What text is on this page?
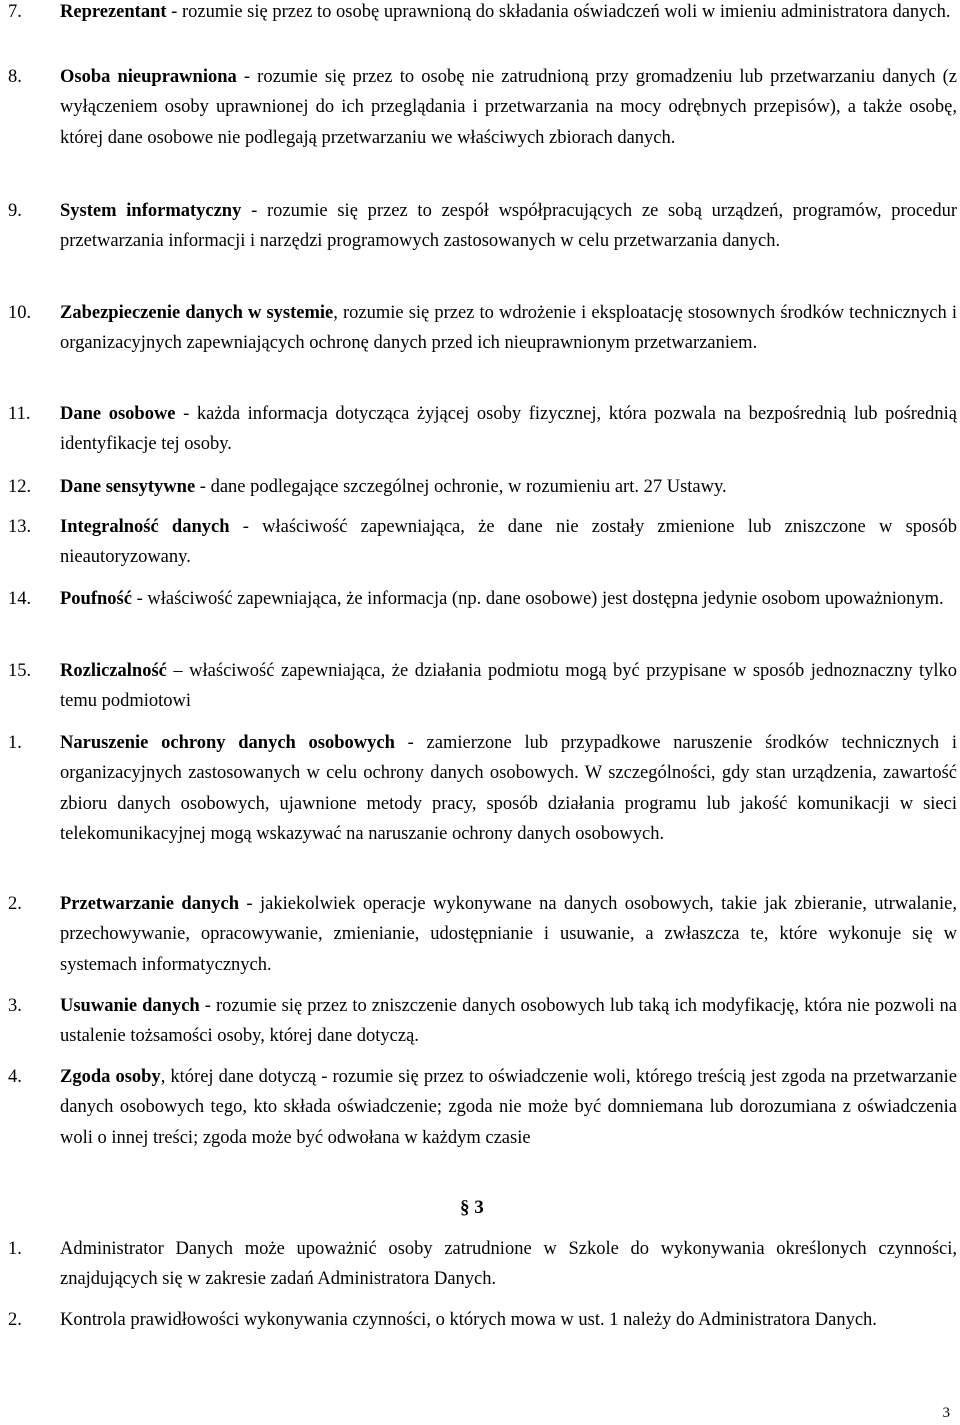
7. Reprezentant - rozumie się przez to osobę uprawnioną do składania oświadczeń woli w imieniu administratora danych.
8. Osoba nieuprawniona - rozumie się przez to osobę nie zatrudnioną przy gromadzeniu lub przetwarzaniu danych (z wyłączeniem osoby uprawnionej do ich przeglądania i przetwarzania na mocy odrębnych przepisów), a także osobę, której dane osobowe nie podlegają przetwarzaniu we właściwych zbiorach danych.
9. System informatyczny - rozumie się przez to zespół współpracujących ze sobą urządzeń, programów, procedur przetwarzania informacji i narzędzi programowych zastosowanych w celu przetwarzania danych.
10. Zabezpieczenie danych w systemie, rozumie się przez to wdrożenie i eksploatację stosownych środków technicznych i organizacyjnych zapewniających ochronę danych przed ich nieuprawnionym przetwarzaniem.
11. Dane osobowe - każda informacja dotycząca żyjącej osoby fizycznej, która pozwala na bezpośrednią lub pośrednią identyfikacje tej osoby.
12. Dane sensytywne - dane podlegające szczególnej ochronie, w rozumieniu art. 27 Ustawy.
13. Integralność danych - właściwość zapewniająca, że dane nie zostały zmienione lub zniszczone w sposób nieautoryzowany.
14. Poufność - właściwość zapewniająca, że informacja (np. dane osobowe) jest dostępna jedynie osobom upoważnionym.
15. Rozliczalność – właściwość zapewniająca, że działania podmiotu mogą być przypisane w sposób jednoznaczny tylko temu podmiotowi
1. Naruszenie ochrony danych osobowych - zamierzone lub przypadkowe naruszenie środków technicznych i organizacyjnych zastosowanych w celu ochrony danych osobowych. W szczególności, gdy stan urządzenia, zawartość zbioru danych osobowych, ujawnione metody pracy, sposób działania programu lub jakość komunikacji w sieci telekomunikacyjnej mogą wskazywać na naruszanie ochrony danych osobowych.
2. Przetwarzanie danych - jakiekolwiek operacje wykonywane na danych osobowych, takie jak zbieranie, utrwalanie, przechowywanie, opracowywanie, zmienianie, udostępnianie i usuwanie, a zwłaszcza te, które wykonuje się w systemach informatycznych.
3. Usuwanie danych - rozumie się przez to zniszczenie danych osobowych lub taką ich modyfikację, która nie pozwoli na ustalenie tożsamości osoby, której dane dotyczą.
4. Zgoda osoby, której dane dotyczą - rozumie się przez to oświadczenie woli, którego treścią jest zgoda na przetwarzanie danych osobowych tego, kto składa oświadczenie; zgoda nie może być domniemana lub dorozumiana z oświadczenia woli o innej treści; zgoda może być odwołana w każdym czasie
§ 3
1. Administrator Danych może upoważnić osoby zatrudnione w Szkole do wykonywania określonych czynności, znajdujących się w zakresie zadań Administratora Danych.
2. Kontrola prawidłowości wykonywania czynności, o których mowa w ust. 1 należy do Administratora Danych.
3
